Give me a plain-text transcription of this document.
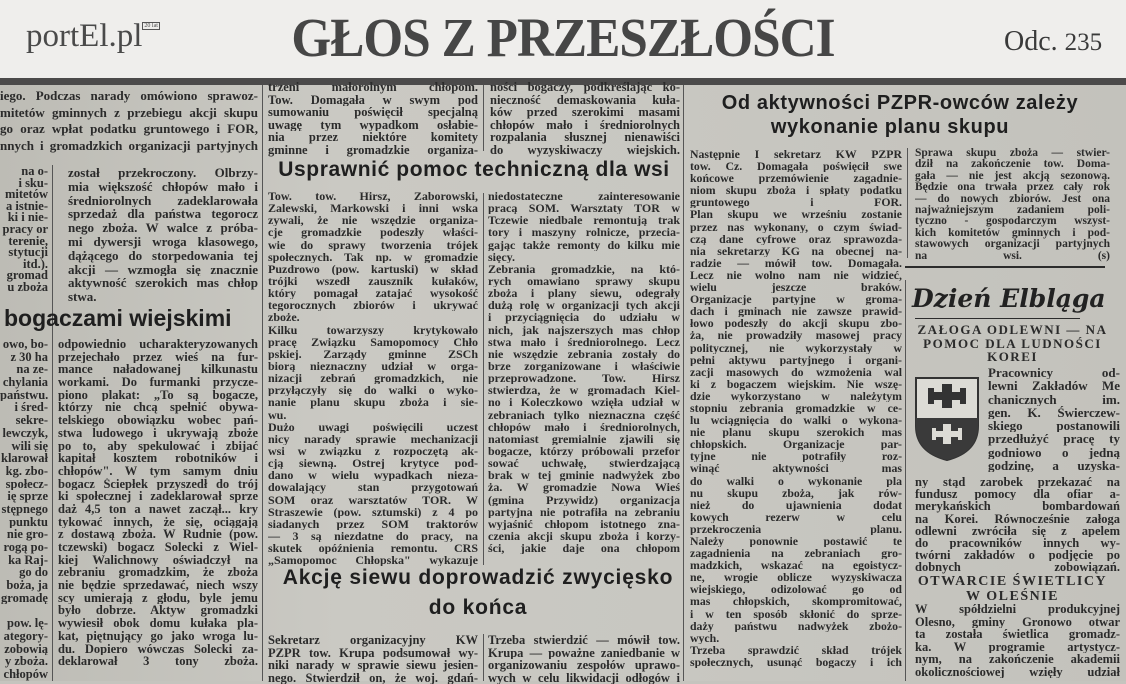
portEl.pl 20 lat	GŁOS Z PRZESZŁOŚCI	Odc. 235
bogaczami wiejskimi
Usprawnić pomoc techniczną dla wsi
Akcję siewu doprowadzić zwycięsko
do końca
Od aktywności PZPR-owców zależy
wykonanie planu skupu
Dzień Elbląga
ZAŁOGA ODLEWNI — NA
POMOC DLA LUDNOŚCI
KOREI
OTWARCIE ŚWIETLICY
W OLEŚNIE
iego. Podczas narady omówiono sprawoz-
mitetów gminnych z przebiegu akcji skupu
go oraz wpłat podatku gruntowego i FOR,
nnych i gromadzkich organizacji partyjnych
na o-
i sku-
mitetów
a istnie-
ki i nie-
pracy or
terenie,
stytucji
itd.).
gromad
u zboża
został przekroczony. Olbrzy-
mia większość chłopów mało i
średniorolnych zadeklarowała
sprzedaż dla państwa tegorocz
nego zboża. W walce z próba-
mi dywersji wroga klasowego,
dążącego do storpedowania tej
akcji — wzmogła się znacznie
aktywność szerokich mas chłop
stwa.
owo, bo-
z 30 ha
na ze-
chylania
państwu.
i śred-
sekre-
lewczyk,
wili się
klarował
kg. zbo-
społecz-
ię sprze
stępnego
punktu
nie gro-
rogą po-
ka Raj-
go do
boża, ja
gromadę
pow. lę-
ategory-
zobowią
y zboża.
chłopów
odpowiednio ucharakteryzowanych
przejechało przez wieś na fur-
mance naładowanej kilkunastu
workami. Do furmanki przycze-
piono plakat: „To są bogacze,
którzy nie chcą spełnić obywa-
telskiego obowiązku wobec pań-
stwa ludowego i ukrywają zboże
po to, aby spekulować i zbijać
kapitał kosztem robotników i
chłopów". W tym samym dniu
bogacz Ściepłek przyszedł do trój
ki społecznej i zadeklarował sprze
daż 4,5 ton a nawet zaczął... kry
tykować innych, że się, ociągają
z dostawą zboża. W Rudnie (pow.
tczewski) bogacz Solecki z Wiel-
kiej Walichnowy oświadczył na
zebraniu gromadzkim, że zboża
nie będzie sprzedawać, niech wszy
scy umierają z głodu, byle jemu
było dobrze. Aktyw gromadzki
wywiesił obok domu kułaka pla-
kat, piętnujący go jako wroga lu-
du. Dopiero wówczas Solecki za-
deklarował 3 tony zboża.
trzeni małorolnym chłopom.
Tow. Domagała w swym pod
sumowaniu poświęcił specjalną
uwagę tym wypadkom osłabie-
nia przez niektóre komitety
gminne i gromadzkie organiza-
ności bogaczy, podkreślając ko-
nieczność demaskowania kuła-
ków przed szerokimi masami
chłopów mało i średniorolnych
rozpalania słusznej nienawiści
do wyzyskiwaczy wiejskich.
Tow. tow. Hirsz, Zaborowski,
Zalewski, Markowski i inni wska
zywali, że nie wszędzie organiza-
cje gromadzkie podeszły właści-
wie do sprawy tworzenia trójek
społecznych. Tak np. w gromadzie
Puzdrowo (pow. kartuski) w skład
trójki wszedł zausznik kułaków,
który pomagał zatajać wysokość
tegorocznych zbiorów i ukrywać
zboże.
Kilku towarzyszy krytykowało
pracę Związku Samopomocy Chło
pskiej. Zarządy gminne ZSCh
biorą nieznaczny udział w orga-
nizacji zebrań gromadzkich, nie
przyłączyły się do walki o wyko-
nanie planu skupu zboża i sie-
wu.
Dużo uwagi poświęcili uczest
nicy narady sprawie mechanizacji
wsi w związku z rozpoczętą ak-
cją siewną. Ostrej krytyce pod-
dano w wielu wypadkach nieza-
dowalający stan przygotowań
SOM oraz warsztatów TOR. W
Straszewie (pow. sztumski) z 4 po
siadanych przez SOM traktorów
— 3 są niezdatne do pracy, na
skutek opóźnienia remontu. CRS
„Samopomoc Chłopska" wykazuje
niedostateczne zainteresowanie
pracą SOM. Warsztaty TOR w
Tczewie niedbale remontują trak
tory i maszyny rolnicze, przecia-
gając także remonty do kilku mie
sięcy.
Zebrania gromadzkie, na któ-
rych omawiano sprawy skupu
zboża i plany siewu, odegrały
dużą rolę w organizacji tych akcji
i przyciągnięcia do udziału w
nich, jak najszerszych mas chłop
stwa mało i średniorolnego. Lecz
nie wszędzie zebrania zostały do
brze zorganizowane i właściwie
przeprowadzone. Tow. Hirsz
stwierdza, że w gromadach Kiel-
no i Koleczkowo wzięła udział w
zebraniach tylko nieznaczna część
chłopów mało i średniorolnych,
natomiast gremialnie zjawili się
bogacze, którzy próbowali przefor
sować uchwałę, stwierdzającą
brak w tej gminie nadwyżek zbo
ża. W gromadzie Nowa Wieś
(gmina Przywidz) organizacja
partyjna nie potrafiła na zebraniu
wyjaśnić chłopom istotnego zna-
czenia akcji skupu zboża i korzy-
ści, jakie daje ona chłopom
Sekretarz organizacyjny KW
PZPR tow. Krupa podsumował wy-
niki narady w sprawie siewu jesien-
nego. Stwierdził on, że woj. gdań-
Trzeba stwierdzić — mówił tow.
Krupa — poważne zaniedbanie w
organizowaniu zespołów uprawo-
wych w celu likwidacji odłogów i
Następnie I sekretarz KW PZPR
tow. Cz. Domagała poświęcił swe
końcowe przemówienie zagadnie-
niom skupu zboża i spłaty podatku
gruntowego i FOR.
Plan skupu we wrześniu zostanie
przez nas wykonany, o czym świad-
czą dane cyfrowe oraz sprawozda-
nia sekretarzy KG na obecnej na-
radzie — mówił tow. Domagała.
Lecz nie wolno nam nie widzieć,
wielu jeszcze braków.
Organizacje partyjne w groma-
dach i gminach nie zawsze prawid-
łowo podeszły do akcji skupu zbo-
ża, nie prowadziły masowej pracy
politycznej, nie wykorzystały w
pełni aktywu partyjnego i organi-
zacji masowych do wzmożenia wal
ki z bogaczem wiejskim. Nie wszę-
dzie wykorzystano w należytym
stopniu zebrania gromadzkie w ce-
lu wciągnięcia do walki o wykona-
nie planu skupu szerokich mas
chłopskich. Organizacje par-
tyjne nie potrafiły roz-
winąć aktywności mas
do walki o wykonanie pla
nu skupu zboża, jak rów-
nież do ujawnienia dodat
kowych rezerw w celu
przekroczenia planu.
Należy ponownie postawić te
zagadnienia na zebraniach gro-
madzkich, wskazać na egoistycz-
ne, wrogie oblicze wyzyskiwacza
wiejskiego, odizolować go od
mas chłopskich, skompromitować,
i w ten sposób skłonić do sprze-
daży państwu nadwyżek zbożo-
wych.
Trzeba sprawdzić skład trójek
społecznych, usunąć bogaczy i ich
Sprawa skupu zboża — stwier-
dził na zakończenie tow. Doma-
gała — nie jest akcją sezonową.
Będzie ona trwała przez cały rok
— do nowych zbiorów. Jest ona
najważniejszym zadaniem poli-
tyczno - gospodarczym wszyst-
kich komitetów gminnych i pod-
stawowych organizacji partyjnych
na wsi. (s)
Pracownicy od-
lewni Zakładów Me
chanicznych im.
gen. K. Świerczew-
skiego postanowili
przedłużyć pracę ty
godniowo o jedną
godzinę, a uzyska-
ny stąd zarobek przekazać na
fundusz pomocy dla ofiar a-
merykańskich bombardowań
na Korei. Równocześnie załoga
odlewni zwróciła się z apelem
do pracowników innych wy-
twórni zakładów o podjęcie po
dobnych zobowiązań.
W spółdzielni produkcyjnej
Olesno, gminy Gronowo otwar
ta została świetlica gromadz-
ka. W programie artystycz-
nym, na zakończenie akademii
okolicznościowej wzięły udział
